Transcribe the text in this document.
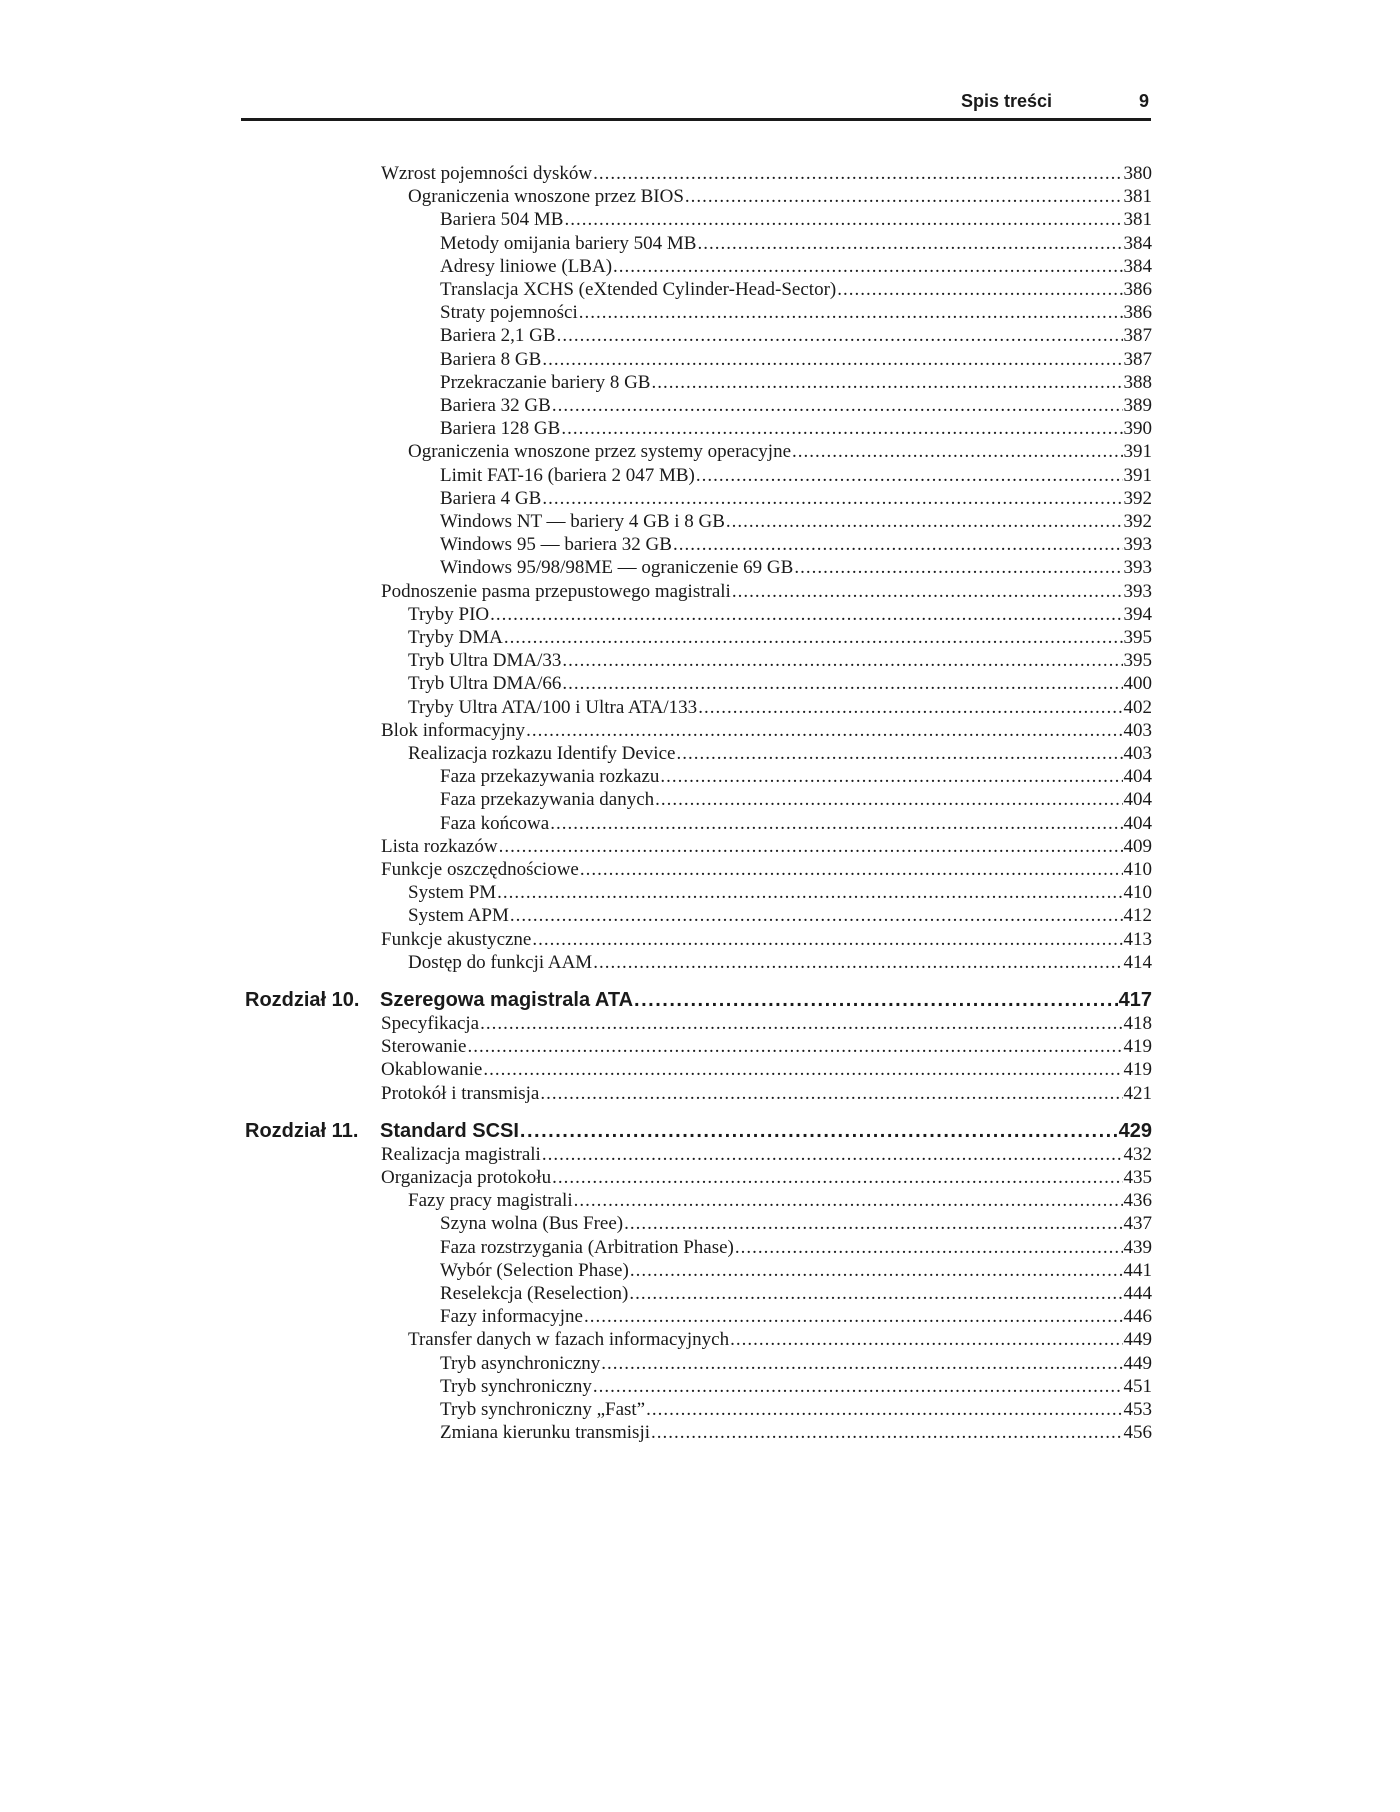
Spis treści	9
Wzrost pojemności dysków .....	380
Ograniczenia wnoszone przez BIOS .....	381
Bariera 504 MB .....	381
Metody omijania bariery 504 MB .....	384
Adresy liniowe (LBA) .....	384
Translacja XCHS (eXtended Cylinder-Head-Sector) .....	386
Straty pojemności .....	386
Bariera 2,1 GB .....	387
Bariera 8 GB .....	387
Przekraczanie bariery 8 GB .....	388
Bariera 32 GB .....	389
Bariera 128 GB .....	390
Ograniczenia wnoszone przez systemy operacyjne .....	391
Limit FAT-16 (bariera 2 047 MB) .....	391
Bariera 4 GB .....	392
Windows NT — bariery 4 GB i 8 GB .....	392
Windows 95 — bariera 32 GB .....	393
Windows 95/98/98ME — ograniczenie 69 GB .....	393
Podnoszenie pasma przepustowego magistrali .....	393
Tryby PIO .....	394
Tryby DMA .....	395
Tryb Ultra DMA/33 .....	395
Tryb Ultra DMA/66 .....	400
Tryby Ultra ATA/100 i Ultra ATA/133 .....	402
Blok informacyjny .....	403
Realizacja rozkazu Identify Device .....	403
Faza przekazywania rozkazu .....	404
Faza przekazywania danych .....	404
Faza końcowa .....	404
Lista rozkazów .....	409
Funkcje oszczędnościowe .....	410
System PM .....	410
System APM .....	412
Funkcje akustyczne .....	413
Dostęp do funkcji AAM .....	414
Rozdział 10. Szeregowa magistrala ATA .....	417
Specyfikacja .....	418
Sterowanie .....	419
Okablowanie .....	419
Protokół i transmisja .....	421
Rozdział 11. Standard SCSI .....	429
Realizacja magistrali .....	432
Organizacja protokołu .....	435
Fazy pracy magistrali .....	436
Szyna wolna (Bus Free) .....	437
Faza rozstrzygania (Arbitration Phase) .....	439
Wybór (Selection Phase) .....	441
Reselekcja (Reselection) .....	444
Fazy informacyjne .....	446
Transfer danych w fazach informacyjnych .....	449
Tryb asynchroniczny .....	449
Tryb synchroniczny .....	451
Tryb synchroniczny „Fast” .....	453
Zmiana kierunku transmisji .....	456
